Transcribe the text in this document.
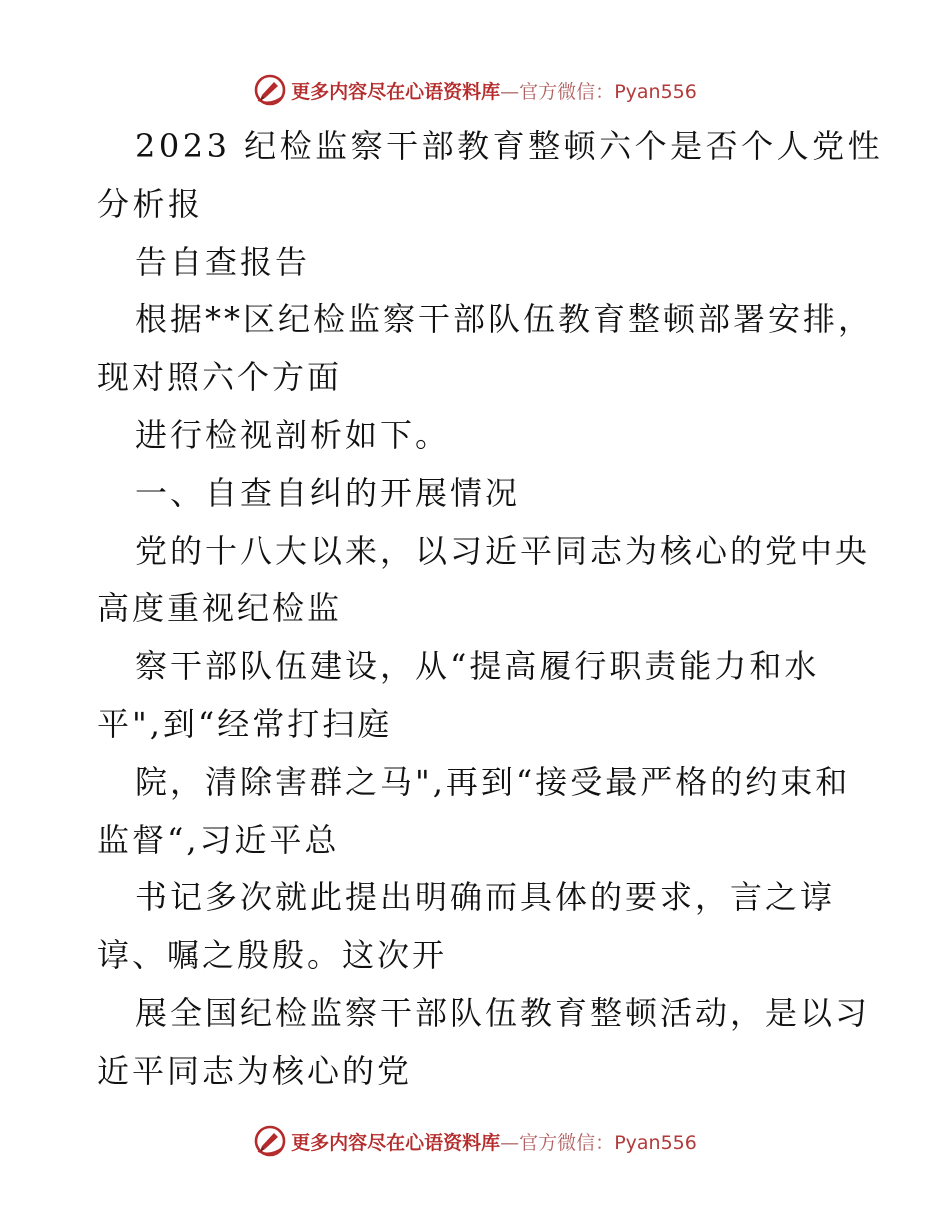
更多内容尽在心语资料库—官方微信：Pyan556
2023 纪检监察干部教育整顿六个是否个人党性
分析报
告自查报告
根据**区纪检监察干部队伍教育整顿部署安排，
现对照六个方面
进行检视剖析如下。
一、自查自纠的开展情况
党的十八大以来，以习近平同志为核心的党中央
高度重视纪检监
察干部队伍建设，从“提高履行职责能力和水
平",到“经常打扫庭
院，清除害群之马",再到“接受最严格的约束和
监督“,习近平总
书记多次就此提出明确而具体的要求，言之谆
谆、嘱之殷殷。这次开
展全国纪检监察干部队伍教育整顿活动，是以习
近平同志为核心的党
更多内容尽在心语资料库—官方微信：Pyan556
